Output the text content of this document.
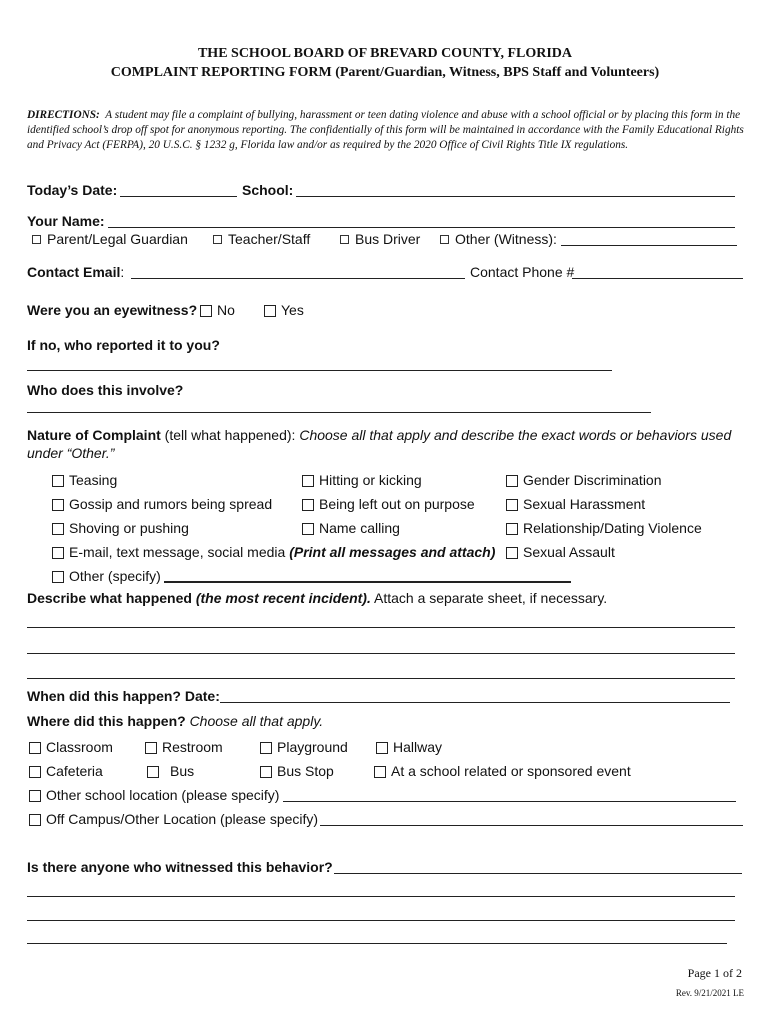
THE SCHOOL BOARD OF BREVARD COUNTY, FLORIDA
COMPLAINT REPORTING FORM (Parent/Guardian, Witness, BPS Staff and Volunteers)
DIRECTIONS: A student may file a complaint of bullying, harassment or teen dating violence and abuse with a school official or by placing this form in the identified school’s drop off spot for anonymous reporting. The confidentially of this form will be maintained in accordance with the Family Educational Rights and Privacy Act (FERPA), 20 U.S.C. § 1232 g, Florida law and/or as required by the 2020 Office of Civil Rights Title IX regulations.
Today’s Date:	School:
Your Name:
Parent/Legal Guardian	Teacher/Staff	Bus Driver	Other (Witness):
Contact Email:	Contact Phone #
Were you an eyewitness?	No	Yes
If no, who reported it to you?
Who does this involve?
Nature of Complaint (tell what happened): Choose all that apply and describe the exact words or behaviors used
under “Other.”
Teasing	Hitting or kicking	Gender Discrimination
Gossip and rumors being spread	Being left out on purpose	Sexual Harassment
Shoving or pushing	Name calling	Relationship/Dating Violence
E-mail, text message, social media (Print all messages and attach)	Sexual Assault
Other (specify)
Describe what happened (the most recent incident). Attach a separate sheet, if necessary.
When did this happen? Date:
Where did this happen? Choose all that apply.
Classroom	Restroom	Playground	Hallway
Cafeteria	Bus	Bus Stop	At a school related or sponsored event
Other school location (please specify)
Off Campus/Other Location (please specify)
Is there anyone who witnessed this behavior?
Page 1 of 2
Rev. 9/21/2021 LE
